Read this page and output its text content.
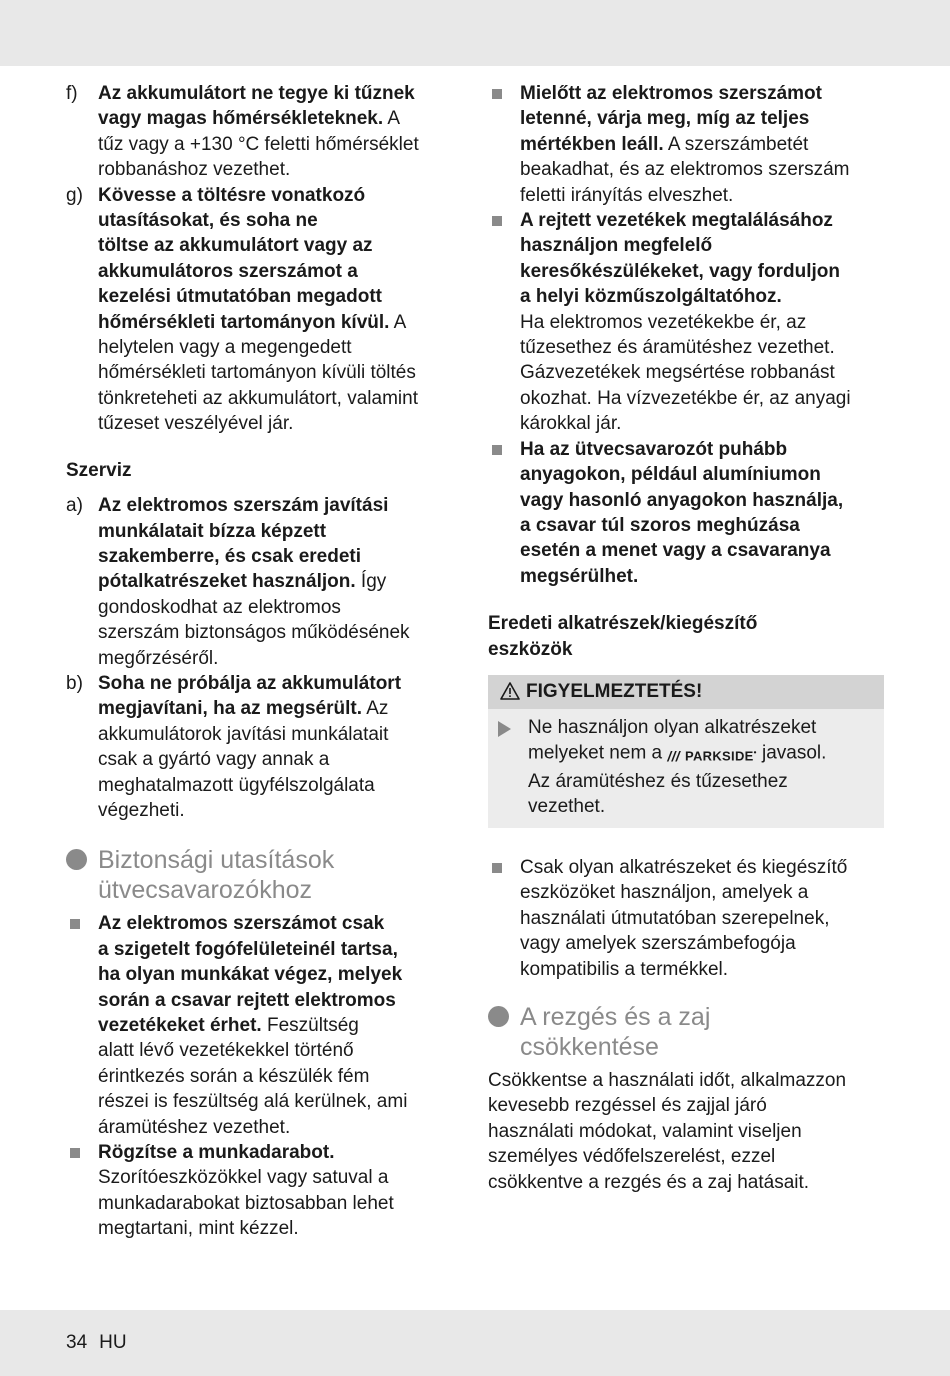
f) Az akkumulátort ne tegye ki tűznek
vagy magas hőmérsékleteknek. A
tűz vagy a +130 °C feletti hőmérséklet
robbanáshoz vezethet.
g) Kövesse a töltésre vonatkozó
utasításokat, és soha ne
töltse az akkumulátort vagy az
akkumulátoros szerszámot a
kezelési útmutatóban megadott
hőmérsékleti tartományon kívül. A
helytelen vagy a megengedett
hőmérsékleti tartományon kívüli töltés
tönkreteheti az akkumulátort, valamint
tűzeset veszélyével jár.
Szerviz
a) Az elektromos szerszám javítási
munkálatait bízza képzett
szakemberre, és csak eredeti
pótalkatrészeket használjon. Így
gondoskodhat az elektromos
szerszám biztonságos működésének
megőrzéséről.
b) Soha ne próbálja az akkumulátort
megjavítani, ha az megsérült. Az
akkumulátorok javítási munkálatait
csak a gyártó vagy annak a
meghatalmazott ügyfélszolgálata
végezheti.
Biztonsági utasítások
ütvecsavarozókhoz
Az elektromos szerszámot csak
a szigetelt fogófelületeinél tartsa,
ha olyan munkákat végez, melyek
során a csavar rejtett elektromos
vezetékeket érhet. Feszültség
alatt lévő vezetékekkel történő
érintkezés során a készülék fém
részei is feszültség alá kerülnek, ami
áramütéshez vezethet.
Rögzítse a munkadarabot.
Szorítóeszközökkel vagy satuval a
munkadarabokat biztosabban lehet
megtartani, mint kézzel.
Mielőtt az elektromos szerszámot
letenné, várja meg, míg az teljes
mértékben leáll. A szerszámbetét
beakadhat, és az elektromos szerszám
feletti irányítás elveszhet.
A rejtett vezetékek megtalálásához
használjon megfelelő
keresőkészülékeket, vagy forduljon
a helyi közműszolgáltatóhoz.
Ha elektromos vezetékekbe ér, az
tűzesethez és áramütéshez vezethet.
Gázvezetékek megsértése robbanást
okozhat. Ha vízvezetékbe ér, az anyagi
károkkal jár.
Ha az ütvecsavarozót puhább
anyagokon, például alumíniumon
vagy hasonló anyagokon használja,
a csavar túl szoros meghúzása
esetén a menet vagy a csavaranya
megsérülhet.
Eredeti alkatrészek/kiegészítő
eszközök
FIGYELMEZTETÉS!
Ne használjon olyan alkatrészeket
melyeket nem a /// PARKSIDE• javasol.
Az áramütéshez és tűzesethez
vezethet.
Csak olyan alkatrészeket és kiegészítő
eszközöket használjon, amelyek a
használati útmutatóban szerepelnek,
vagy amelyek szerszámbefogója
kompatibilis a termékkel.
A rezgés és a zaj
csökkentése
Csökkentse a használati időt, alkalmazzon
kevesebb rezgéssel és zajjal járó
használati módokat, valamint viseljen
személyes védőfelszerelést, ezzel
csökkentve a rezgés és a zaj hatásait.
34 HU
